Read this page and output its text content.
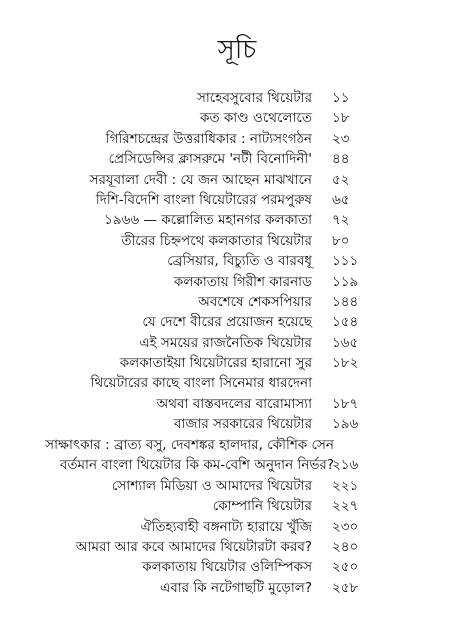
সূচি
সাহেবসুবোর থিয়েটার ১১
কত কাণ্ড ওথেলোতে ১৮
গিরিশচন্দ্রের উত্তরাধিকার : নাট্যসংগঠন ২৩
প্রেসিডেন্সির ক্লাসরুমে 'নটী বিনোদিনী' ৪৪
সরযূবালা দেবী : যে জন আছেন মাঝখানে ৫২
দিশি-বিদেশি বাংলা থিয়েটারের পরমপুরুষ ৬৫
১৯৬৬ — কল্লোলিত মহানগর কলকাতা ৭২
তীরের চিহ্নপথে কলকাতার থিয়েটার ৮০
ব্রেসিয়ার, বিচ্যুতি ও বারবধূ ১১১
কলকাতায় গিরীশ কারনাড ১১৯
অবশেষে শেকসপিয়ার ১৪৪
যে দেশে বীরের প্রয়োজন হয়েছে ১৫৪
এই সময়ের রাজনৈতিক থিয়েটার ১৬৫
কলকাতাইয়া থিয়েটারের হারানো সুর
থিয়েটারের কাছে বাংলা সিনেমার ধারদেনা
১৮২
অথবা বাস্তবদলের বারোমাস্যা ১৮৭
বাজার সরকারের থিয়েটার ১৯৬
সাক্ষাৎকার : ব্রাত্য বসু, দেবশঙ্কর হালদার, কৌশিক সেন
বর্তমান বাংলা থিয়েটার কি কম-বেশি অনুদান নির্ভর?
২১৬
সোশ্যাল মিডিয়া ও আমাদের থিয়েটার ২২১
কোম্পানি থিয়েটার ২২৭
ঐতিহ্যবাহী বঙ্গনাট্য হারায়ে খুঁজি ২৩০
আমরা আর কবে আমাদের থিয়েটারটা করব? ২৪০
কলকাতায় থিয়েটার ওলিম্পিকস ২৫০
এবার কি নটেগাছটি মুড়োল? ২৫৮
